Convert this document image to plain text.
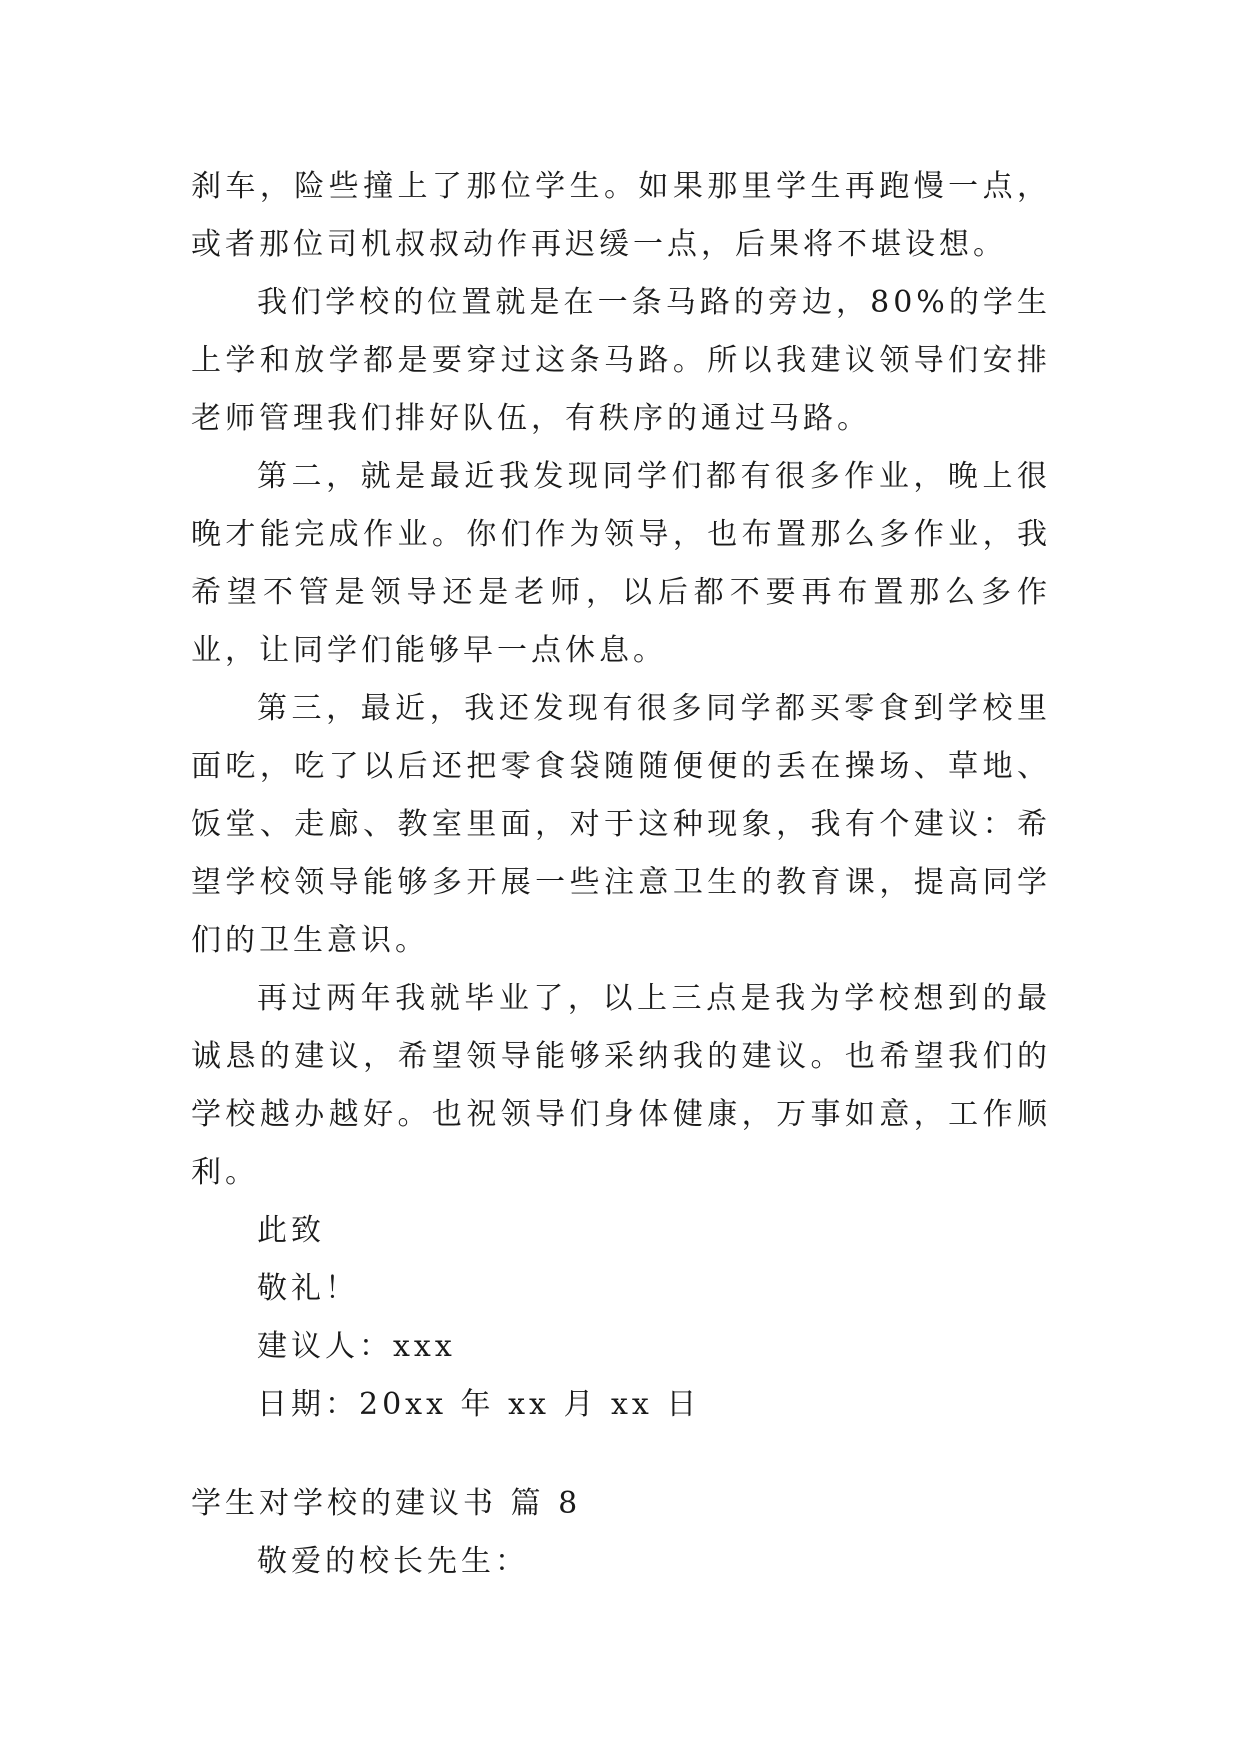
刹车，险些撞上了那位学生。如果那里学生再跑慢一点，或者那位司机叔叔动作再迟缓一点，后果将不堪设想。

我们学校的位置就是在一条马路的旁边，80%的学生上学和放学都是要穿过这条马路。所以我建议领导们安排老师管理我们排好队伍，有秩序的通过马路。

第二，就是最近我发现同学们都有很多作业，晚上很晚才能完成作业。你们作为领导，也布置那么多作业，我希望不管是领导还是老师，以后都不要再布置那么多作业，让同学们能够早一点休息。

第三，最近，我还发现有很多同学都买零食到学校里面吃，吃了以后还把零食袋随随便便的丢在操场、草地、饭堂、走廊、教室里面，对于这种现象，我有个建议：希望学校领导能够多开展一些注意卫生的教育课，提高同学们的卫生意识。

再过两年我就毕业了，以上三点是我为学校想到的最诚恳的建议，希望领导能够采纳我的建议。也希望我们的学校越办越好。也祝领导们身体健康，万事如意，工作顺利。

此致

敬礼！

建议人：xxx

日期：20xx 年 xx 月 xx 日

学生对学校的建议书 篇 8

敬爱的校长先生：
